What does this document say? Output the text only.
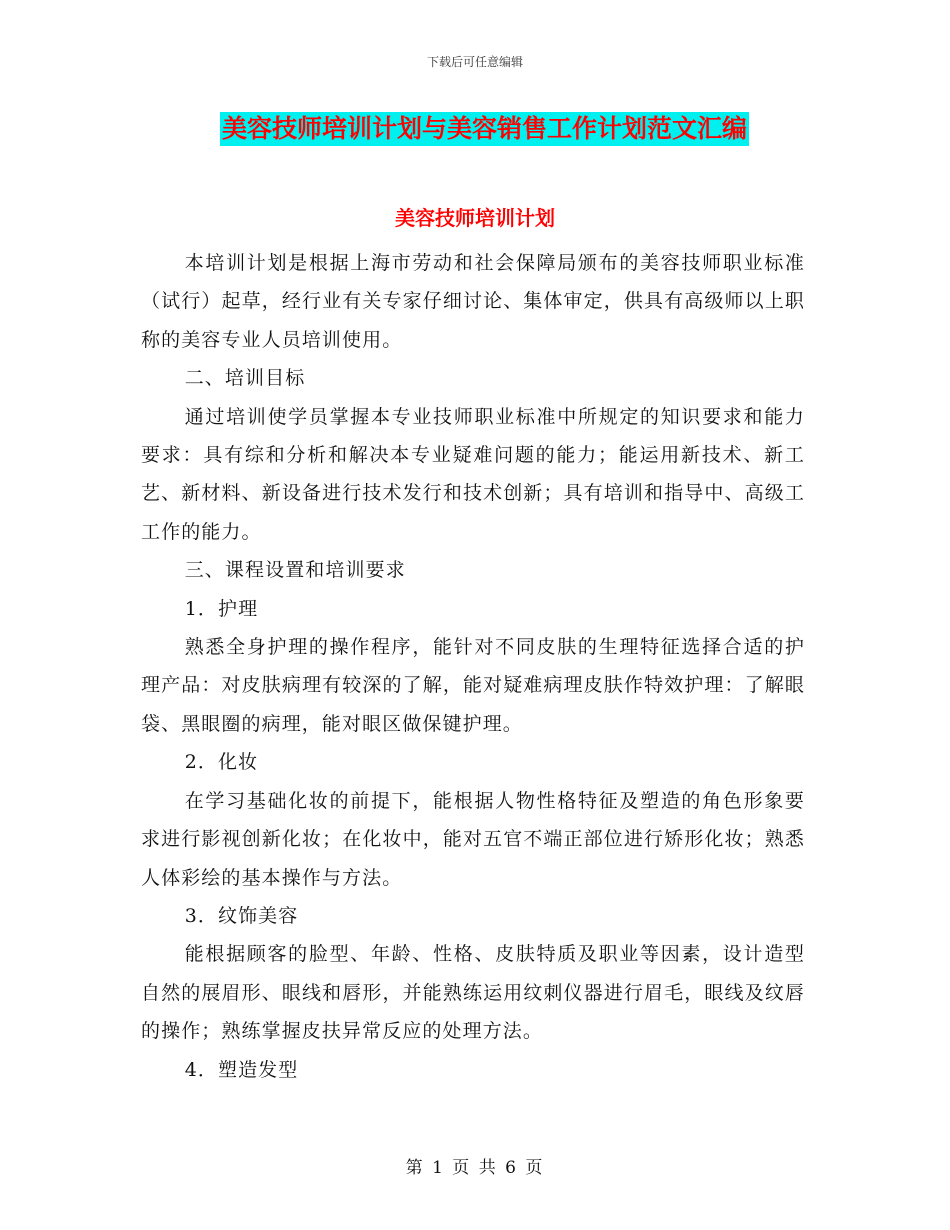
下载后可任意编辑
美容技师培训计划与美容销售工作计划范文汇编
美容技师培训计划

本培训计划是根据上海市劳动和社会保障局颁布的美容技师职业标准（试行）起草，经行业有关专家仔细讨论、集体审定，供具有高级师以上职称的美容专业人员培训使用。

二、培训目标

通过培训使学员掌握本专业技师职业标准中所规定的知识要求和能力要求：具有综和分析和解决本专业疑难问题的能力；能运用新技术、新工艺、新材料、新设备进行技术发行和技术创新；具有培训和指导中、高级工工作的能力。

三、课程设置和培训要求

1．护理

熟悉全身护理的操作程序，能针对不同皮肤的生理特征选择合适的护理产品：对皮肤病理有较深的了解，能对疑难病理皮肤作特效护理：了解眼袋、黑眼圈的病理，能对眼区做保键护理。

2．化妆

在学习基础化妆的前提下，能根据人物性格特征及塑造的角色形象要求进行影视创新化妆；在化妆中，能对五官不端正部位进行矫形化妆；熟悉人体彩绘的基本操作与方法。

3．纹饰美容

能根据顾客的脸型、年龄、性格、皮肤特质及职业等因素，设计造型自然的展眉形、眼线和唇形，并能熟练运用纹刺仪器进行眉毛，眼线及纹唇的操作；熟练掌握皮扶异常反应的处理方法。

4．塑造发型

第 1 页 共 6 页
